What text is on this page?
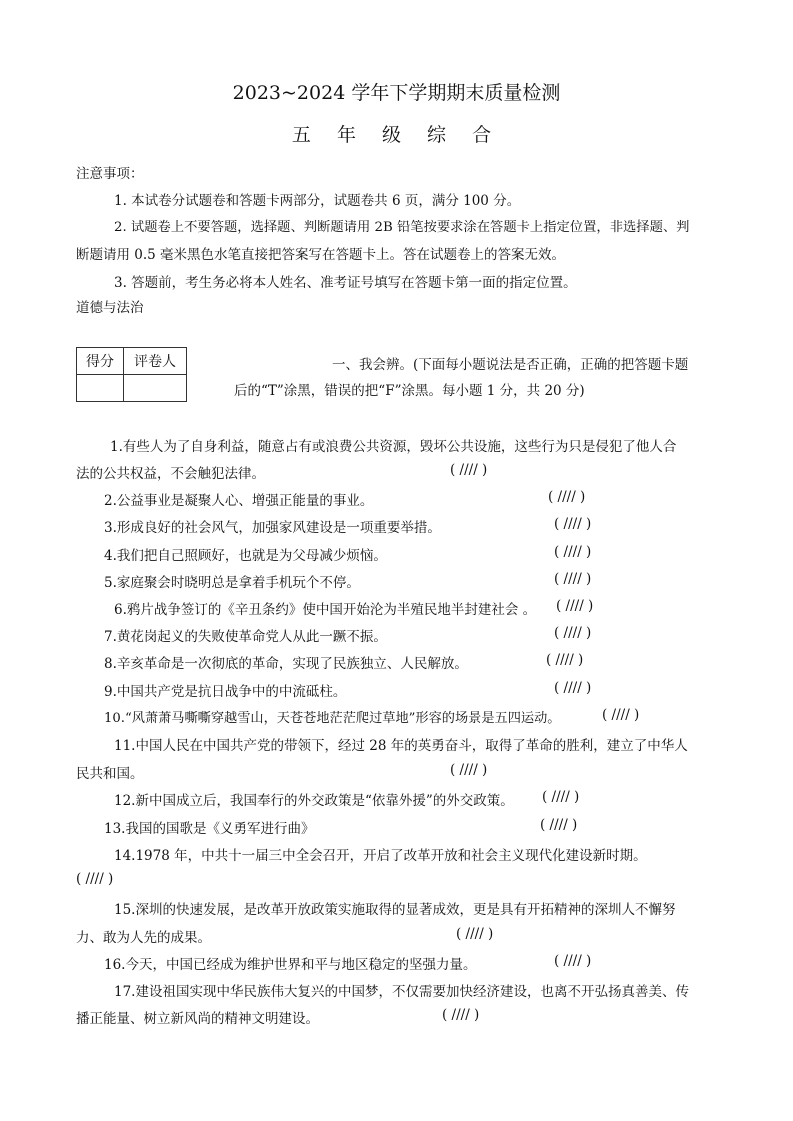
2023~2024 学年下学期期末质量检测
五 年 级 综 合
注意事项：
1. 本试卷分试题卷和答题卡两部分，试题卷共 6 页，满分 100 分。
2. 试题卷上不要答题，选择题、判断题请用 2B 铅笔按要求涂在答题卡上指定位置，非选择题、判
断题请用 0.5 毫米黑色水笔直接把答案写在答题卡上。答在试题卷上的答案无效。
3. 答题前，考生务必将本人姓名、准考证号填写在答题卡第一面的指定位置。
道德与法治
得分	评卷人
		一、我会辨。(下面每小题说法是否正确，正确的把答题卡题
后的“T”涂黑，错误的把“F”涂黑。每小题 1 分，共 20 分)
1.有些人为了自身利益，随意占有或浪费公共资源，毁坏公共设施，这些行为只是侵犯了他人合
法的公共权益，不会触犯法律。	( //// )
2.公益事业是凝聚人心、增强正能量的事业。	( //// )
3.形成良好的社会风气，加强家风建设是一项重要举措。	( //// )
4.我们把自己照顾好，也就是为父母减少烦恼。	( //// )
5.家庭聚会时晓明总是拿着手机玩个不停。	( //// )
6.鸦片战争签订的《辛丑条约》使中国开始沦为半殖民地半封建社会 。 ( //// )
7.黄花岗起义的失败使革命党人从此一蹶不振。	( //// )
8.辛亥革命是一次彻底的革命，实现了民族独立、人民解放。	( //// )
9.中国共产党是抗日战争中的中流砥柱。	( //// )
10.“风萧萧马嘶嘶穿越雪山，天苍苍地茫茫爬过草地”形容的场景是五四运动。	( //// )
11.中国人民在中国共产党的带领下，经过 28 年的英勇奋斗，取得了革命的胜利，建立了中华人
民共和国。	( //// )
12.新中国成立后，我国奉行的外交政策是“依靠外援”的外交政策。 ( //// )
13.我国的国歌是《义勇军进行曲》	( //// )
14.1978 年，中共十一届三中全会召开，开启了改革开放和社会主义现代化建设新时期。
( //// )
15.深圳的快速发展，是改革开放政策实施取得的显著成效，更是具有开拓精神的深圳人不懈努
力、敢为人先的成果。	( //// )
16.今天，中国已经成为维护世界和平与地区稳定的坚强力量。	( //// )
17.建设祖国实现中华民族伟大复兴的中国梦，不仅需要加快经济建设，也离不开弘扬真善美、传
播正能量、树立新风尚的精神文明建设。	( //// )
